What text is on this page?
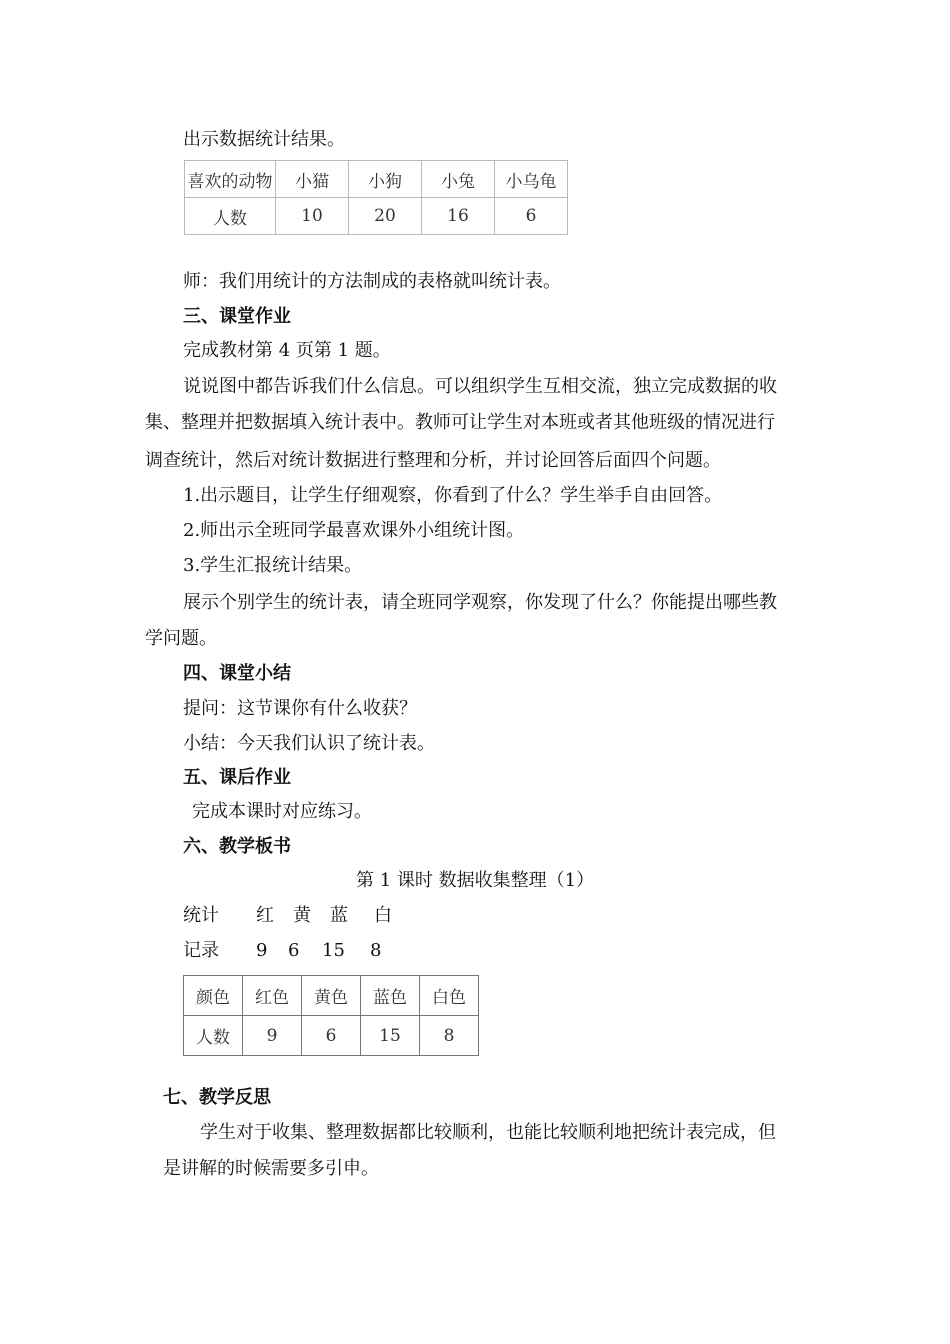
出示数据统计结果。
喜欢的动物	小猫	小狗	小兔	小乌龟
人数	10	20	16	6
师：我们用统计的方法制成的表格就叫统计表。
三、课堂作业
完成教材第 4 页第 1 题。
说说图中都告诉我们什么信息。可以组织学生互相交流，独立完成数据的收
集、整理并把数据填入统计表中。教师可让学生对本班或者其他班级的情况进行
调查统计，然后对统计数据进行整理和分析，并讨论回答后面四个问题。
1.出示题目，让学生仔细观察，你看到了什么？学生举手自由回答。
2.师出示全班同学最喜欢课外小组统计图。
3.学生汇报统计结果。
展示个别学生的统计表，请全班同学观察，你发现了什么？你能提出哪些教
学问题。
四、课堂小结
提问：这节课你有什么收获？
小结：今天我们认识了统计表。
五、课后作业
完成本课时对应练习。
六、教学板书
第 1 课时 数据收集整理（1）
统计 红 黄 蓝 白
记录 9 6 15 8
颜色	红色	黄色	蓝色	白色
人数	9	6	15	8
七、教学反思
学生对于收集、整理数据都比较顺利，也能比较顺利地把统计表完成，但
是讲解的时候需要多引申。
